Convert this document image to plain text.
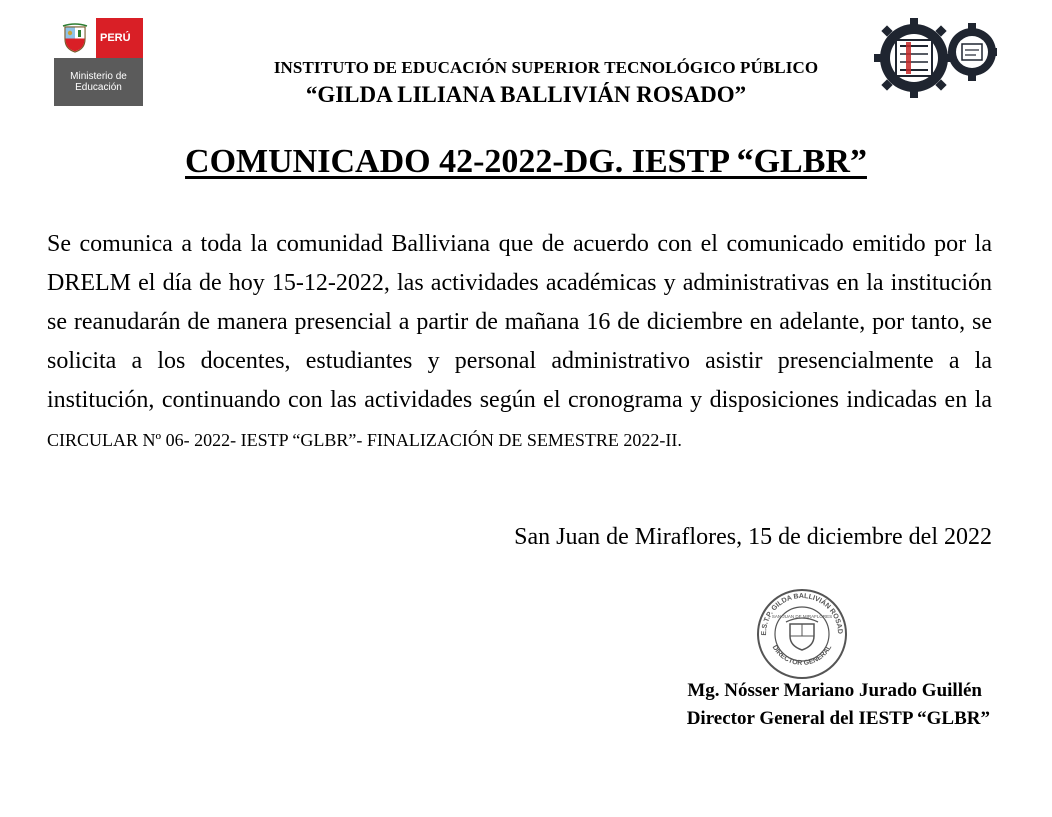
PERÚ
Ministerio de
Educación
INSTITUTO DE EDUCACIÓN SUPERIOR TECNOLÓGICO PÚBLICO
“GILDA LILIANA BALLIVIÁN ROSADO”
COMUNICADO 42-2022-DG. IESTP “GLBR”
Se comunica a toda la comunidad Balliviana que de acuerdo con el comunicado emitido por la DRELM el día de hoy 15-12-2022, las actividades académicas y administrativas en la institución se reanudarán de manera presencial a partir de mañana 16 de diciembre en adelante, por tanto, se solicita a los docentes, estudiantes y personal administrativo asistir presencialmente a la institución, continuando con las actividades según el cronograma y disposiciones indicadas en la CIRCULAR Nº 06- 2022- IESTP “GLBR”- FINALIZACIÓN DE SEMESTRE 2022-II.
San Juan de Miraflores, 15 de diciembre del 2022
E.S.T.P. GILDA BALLIVIÁN ROSAD
DIRECTOR GENERAL
SAN JUAN DE MIRAFLORES
Mg. Nósser Mariano Jurado Guillén
Director General del IESTP “GLBR”
